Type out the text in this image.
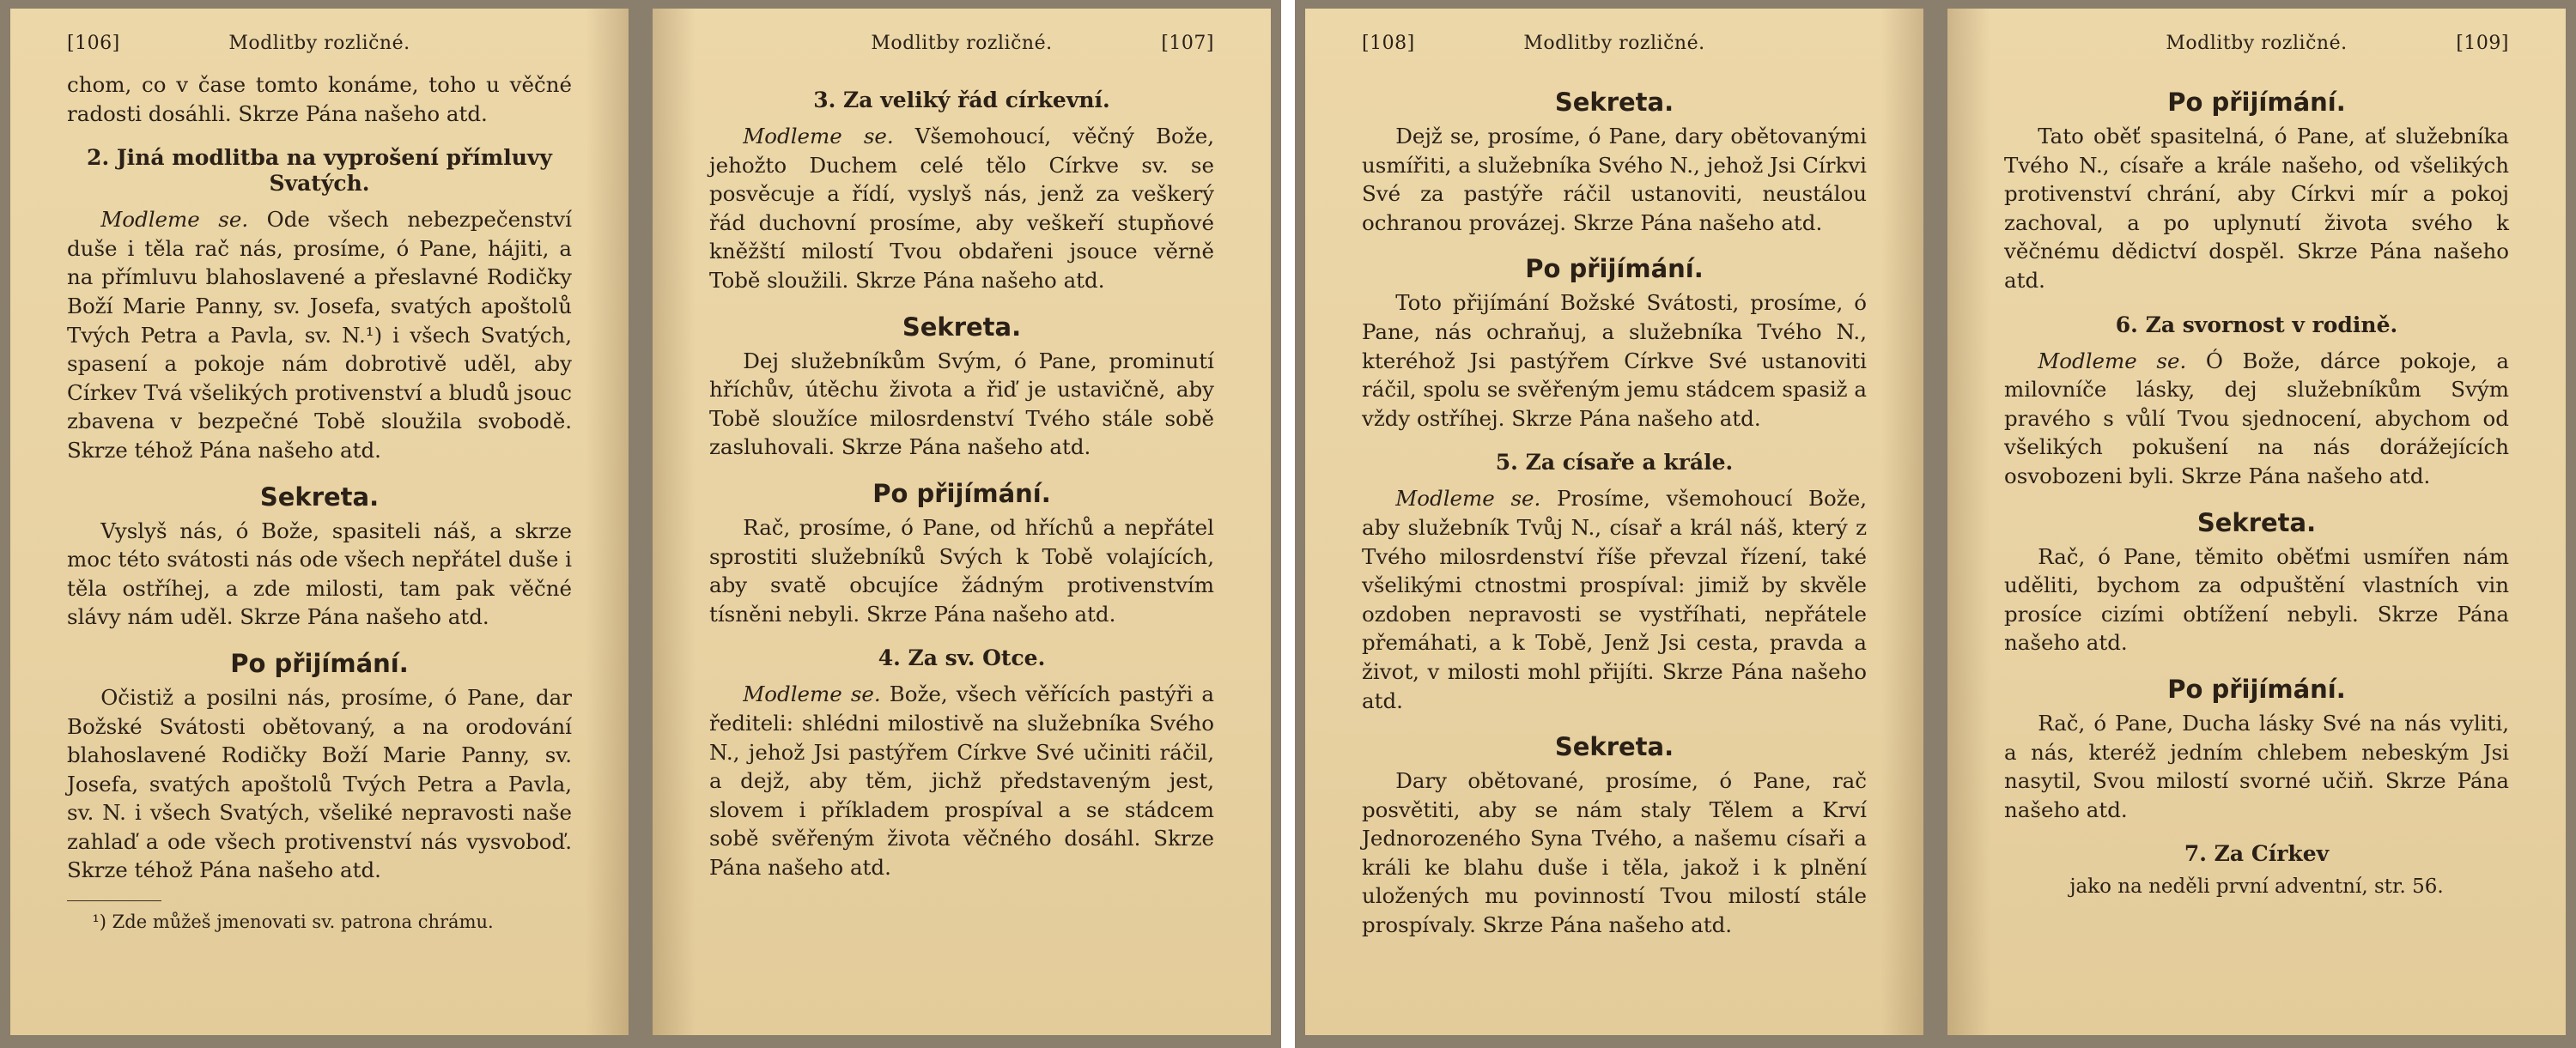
Modlitby rozličné.
[106]

chom, co v čase tomto konáme, toho u věčné radosti dosáhli. Skrze Pána našeho atd.

2. Jiná modlitba na vyprošení přímluvy Svatých.

Modleme se. Ode všech nebezpečenství duše i těla rač nás, prosíme, ó Pane, hájiti, a na přímluvu blahoslavené a přeslavné Rodičky Boží Marie Panny, sv. Josefa, svatých apoštolů Tvých Petra a Pavla, sv. N.¹) i všech Svatých, spasení a pokoje nám dobrotivě uděl, aby Církev Tvá všelikých protivenství a bludů jsouc zbavena v bezpečné Tobě sloužila svobodě. Skrze téhož Pána našeho atd.

Sekreta.

Vyslyš nás, ó Bože, spasiteli náš, a skrze moc této svátosti nás ode všech nepřátel duše i těla ostříhej, a zde milosti, tam pak věčné slávy nám uděl. Skrze Pána našeho atd.

Po přijímání.

Očistiž a posilni nás, prosíme, ó Pane, dar Božské Svátosti obětovaný, a na orodování blahoslavené Rodičky Boží Marie Panny, sv. Josefa, svatých apoštolů Tvých Petra a Pavla, sv. N. i všech Svatých, všeliké nepravosti naše zahlaď a ode všech protivenství nás vysvoboď. Skrze téhož Pána našeho atd.

¹) Zde můžeš jmenovati sv. patrona chrámu.

Modlitby rozličné.	[107]
3. Za veliký řád církevní.

Modleme se. Všemohoucí, věčný Bože, jehožto Duchem celé tělo Církve sv. se posvěcuje a řídí, vyslyš nás, jenž za veškerý řád duchovní prosíme, aby veškeří stupňové kněžští milostí Tvou obdařeni jsouce věrně Tobě sloužili. Skrze Pána našeho atd.

Sekreta.

Dej služebníkům Svým, ó Pane, prominutí hříchův, útěchu života a řiď je ustavičně, aby Tobě sloužíce milosrdenství Tvého stále sobě zasluhovali. Skrze Pána našeho atd.

Po přijímání.

Rač, prosíme, ó Pane, od hříchů a nepřátel sprostiti služebníků Svých k Tobě volajících, aby svatě obcujíce žádným protivenstvím tísněni nebyli. Skrze Pána našeho atd.

4. Za sv. Otce.

Modleme se. Bože, všech věřících pastýři a řediteli: shlédni milostivě na služebníka Svého N., jehož Jsi pastýřem Církve Své učiniti ráčil, a dejž, aby těm, jichž představeným jest, slovem i příkladem prospíval a se stádcem sobě svěřeným života věčného dosáhl. Skrze Pána našeho atd.

Modlitby rozličné.
[108]
Sekreta.

Dejž se, prosíme, ó Pane, dary obětovanými usmířiti, a služebníka Svého N., jehož Jsi Církvi Své za pastýře ráčil ustanoviti, neustálou ochranou provázej. Skrze Pána našeho atd.

Po přijímání.

Toto přijímání Božské Svátosti, prosíme, ó Pane, nás ochraňuj, a služebníka Tvého N., kteréhož Jsi pastýřem Církve Své ustanoviti ráčil, spolu se svěřeným jemu stádcem spasiž a vždy ostříhej. Skrze Pána našeho atd.

5. Za císaře a krále.

Modleme se. Prosíme, všemohoucí Bože, aby služebník Tvůj N., císař a král náš, který z Tvého milosrdenství říše převzal řízení, také všelikými ctnostmi prospíval: jimiž by skvěle ozdoben nepravosti se vystříhati, nepřátele přemáhati, a k Tobě, Jenž Jsi cesta, pravda a život, v milosti mohl přijíti. Skrze Pána našeho atd.

Sekreta.

Dary obětované, prosíme, ó Pane, rač posvětiti, aby se nám staly Tělem a Krví Jednorozeného Syna Tvého, a našemu císaři a králi ke blahu duše i těla, jakož i k plnění uložených mu povinností Tvou milostí stále prospívaly. Skrze Pána našeho atd.

Modlitby rozličné.	[109]
Po přijímání.

Tato oběť spasitelná, ó Pane, ať služebníka Tvého N., císaře a krále našeho, od všelikých protivenství chrání, aby Církvi mír a pokoj zachoval, a po uplynutí života svého k věčnému dědictví dospěl. Skrze Pána našeho atd.

6. Za svornost v rodině.

Modleme se. Ó Bože, dárce pokoje, a milovníče lásky, dej služebníkům Svým pravého s vůlí Tvou sjednocení, abychom od všelikých pokušení na nás dorážejících osvobozeni byli. Skrze Pána našeho atd.

Sekreta.

Rač, ó Pane, těmito oběťmi usmířen nám uděliti, bychom za odpuštění vlastních vin prosíce cizími obtížení nebyli. Skrze Pána našeho atd.

Po přijímání.

Rač, ó Pane, Ducha lásky Své na nás vyliti, a nás, kteréž jedním chlebem nebeským Jsi nasytil, Svou milostí svorné učiň. Skrze Pána našeho atd.

7. Za Církev

jako na neděli první adventní, str. 56.
